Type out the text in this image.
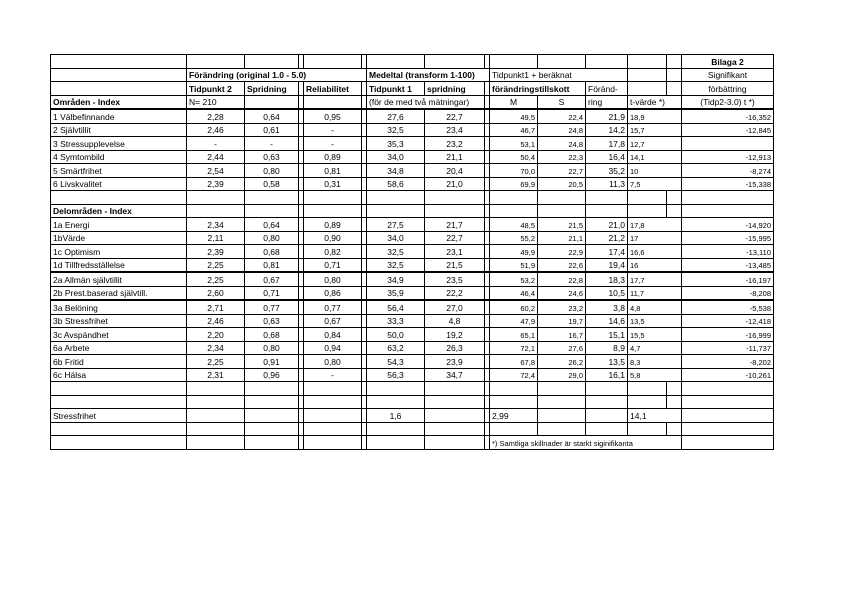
														Bilaga 2
	Förändring (original 1.0 - 5.0)					Medeltal (transform 1-100)			Tidpunkt1 + beräknat					Signifikant
	Tidpunkt 2	Spridning		Reliabilitet		Tidpunkt 1	spridning		förändringstillskott		Föränd-			förbättring
Områden - Index	N= 210					(för de med två mätningar)			M	S	ring	t-värde *)		(Tidp2-3.0) t *)
1 Välbefinnande	2,28	0,64		0,95		27,6	22,7		49,5	22,4	21,9	18,9		-16,352
2 Självtillit	2,46	0,61		-		32,5	23,4		46,7	24,8	14,2	15,7		-12,845
3 Stressupplevelse	-	-		-		35,3	23,2		53,1	24,8	17,8	12,7		
4 Symtombild	2,44	0,63		0,89		34,0	21,1		50,4	22,3	16,4	14,1		-12,913
5 Smärtfrihet	2,54	0,80		0,81		34,8	20,4		70,0	22,7	35,2	10		-8,274
6 Livskvalitet	2,39	0,58		0,31		58,6	21,0		69,9	20,5	11,3	7,5		-15,338

Delområden - Index														
1a Energi	2,34	0,64		0,89		27,5	21,7		48,5	21,5	21,0	17,8		-14,920
1bVärde	2,11	0,80		0,90		34,0	22,7		55,2	21,1	21,2	17		-15,995
1c Optimism	2,39	0,68		0,82		32,5	23,1		49,9	22,9	17,4	16,6		-13,110
1d Tillfredsställelse	2,25	0,81		0,71		32,5	21,5		51,9	22,6	19,4	16		-13,485
2a Allmän självtillit	2,25	0,67		0,80		34,9	23,5		53,2	22,8	18,3	17,7		-16,197
2b Prest.baserad självtill.	2,60	0,71		0,86		35,9	22,2		46,4	24,6	10,5	11,7		-8,208
3a Belöning	2,71	0,77		0,77		56,4	27,0		60,2	23,2	3,8	4,8		-5,538
3b Stressfrihet	2,46	0,63		0,67		33,3	4,8		47,9	19,7	14,6	13,5		-12,418
3c Avspändhet	2,20	0,68		0,84		50,0	19,2		65,1	16,7	15,1	15,5		-16,999
6a Arbete	2,34	0,80		0,94		63,2	26,3		72,1	27,6	8,9	4,7		-11,737
6b Fritid	2,25	0,91		0,80		54,3	23,9		67,8	26,2	13,5	8,3		-8,202
6c Hälsa	2,31	0,96		-		56,3	34,7		72,4	29,0	16,1	5,8		-10,261

Stressfrihet						1,6			2,99			14,1		

									*) Samtliga skillnader är starkt siginifikanta					
